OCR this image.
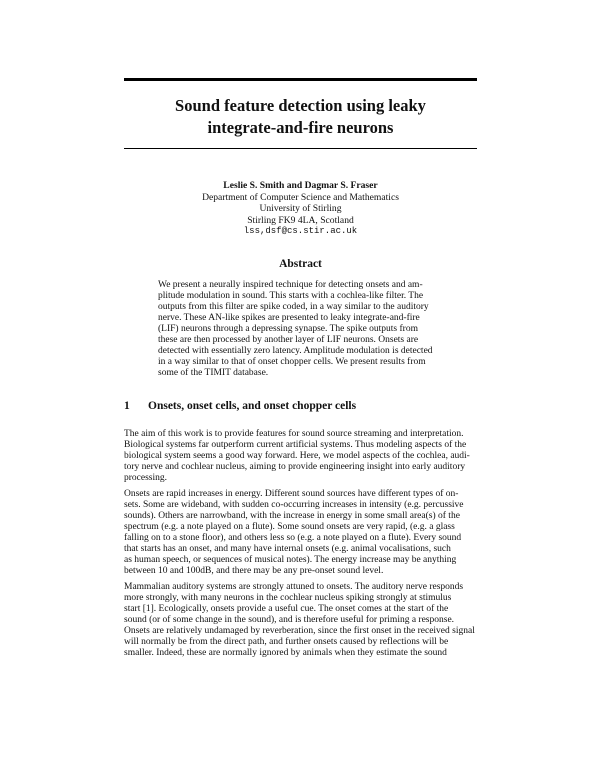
Sound feature detection using leaky
integrate-and-fire neurons
Leslie S. Smith and Dagmar S. Fraser
Department of Computer Science and Mathematics
University of Stirling
Stirling FK9 4LA, Scotland
lss,dsf@cs.stir.ac.uk
Abstract
We present a neurally inspired technique for detecting onsets and am-
plitude modulation in sound. This starts with a cochlea-like filter. The
outputs from this filter are spike coded, in a way similar to the auditory
nerve. These AN-like spikes are presented to leaky integrate-and-fire
(LIF) neurons through a depressing synapse. The spike outputs from
these are then processed by another layer of LIF neurons. Onsets are
detected with essentially zero latency. Amplitude modulation is detected
in a way similar to that of onset chopper cells. We present results from
some of the TIMIT database.
1 Onsets, onset cells, and onset chopper cells

The aim of this work is to provide features for sound source streaming and interpretation.
Biological systems far outperform current artificial systems. Thus modeling aspects of the
biological system seems a good way forward. Here, we model aspects of the cochlea, audi-
tory nerve and cochlear nucleus, aiming to provide engineering insight into early auditory
processing.

Onsets are rapid increases in energy. Different sound sources have different types of on-
sets. Some are wideband, with sudden co-occurring increases in intensity (e.g. percussive
sounds). Others are narrowband, with the increase in energy in some small area(s) of the
spectrum (e.g. a note played on a flute). Some sound onsets are very rapid, (e.g. a glass
falling on to a stone floor), and others less so (e.g. a note played on a flute). Every sound
that starts has an onset, and many have internal onsets (e.g. animal vocalisations, such
as human speech, or sequences of musical notes). The energy increase may be anything
between 10 and 100dB, and there may be any pre-onset sound level.

Mammalian auditory systems are strongly attuned to onsets. The auditory nerve responds
more strongly, with many neurons in the cochlear nucleus spiking strongly at stimulus
start [1]. Ecologically, onsets provide a useful cue. The onset comes at the start of the
sound (or of some change in the sound), and is therefore useful for priming a response.
Onsets are relatively undamaged by reverberation, since the first onset in the received signal
will normally be from the direct path, and further onsets caused by reflections will be
smaller. Indeed, these are normally ignored by animals when they estimate the sound
